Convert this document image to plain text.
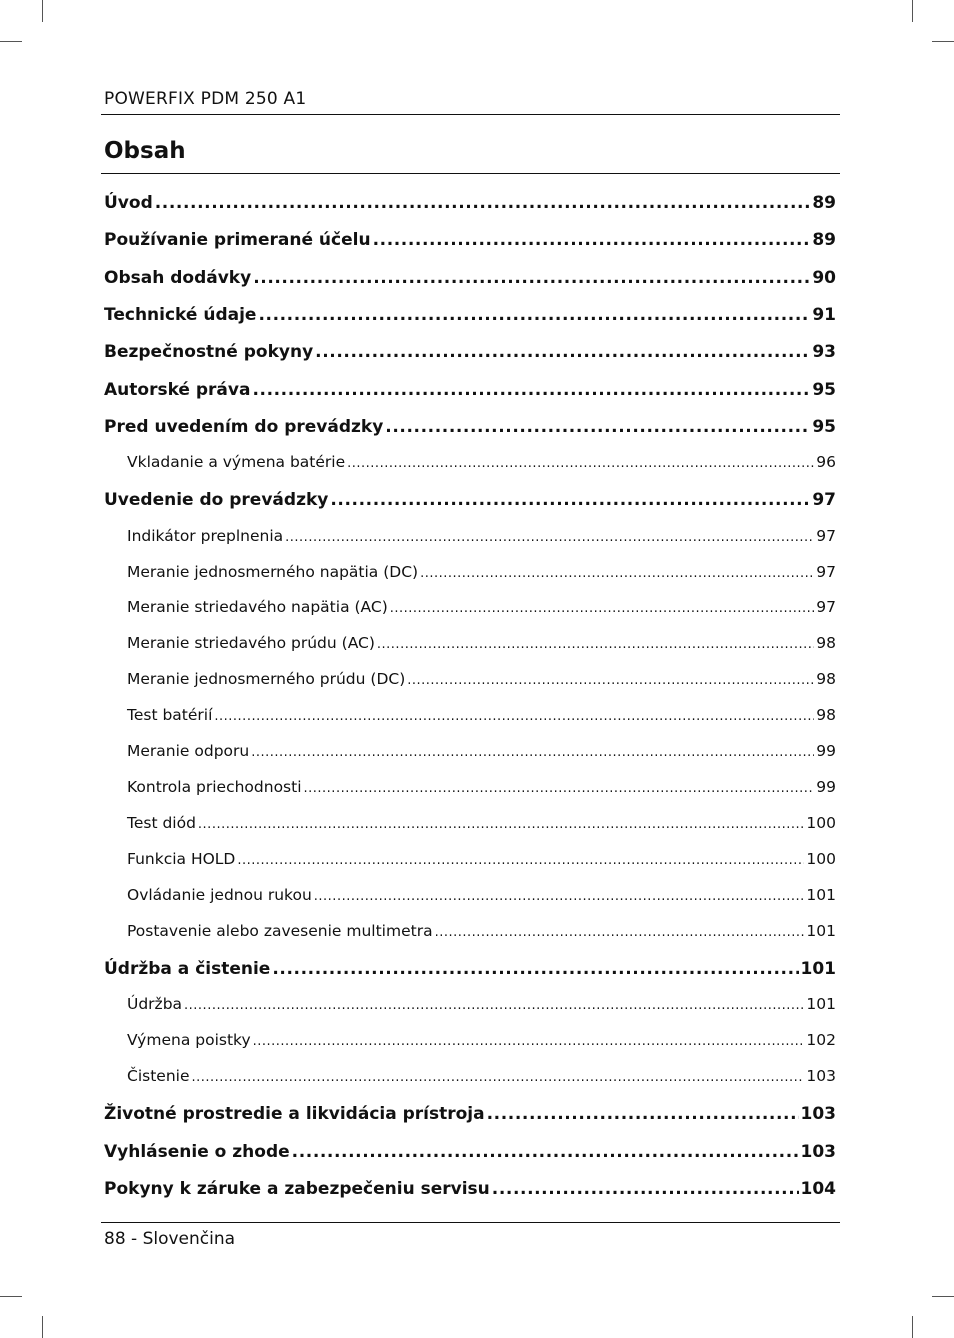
POWERFIX PDM 250 A1
Obsah
Úvod .....	89
Používanie primerané účelu .....	89
Obsah dodávky .....	90
Technické údaje .....	91
Bezpečnostné pokyny .....	93
Autorské práva .....	95
Pred uvedením do prevádzky .....	95
Vkladanie a výmena batérie .....	96
Uvedenie do prevádzky .....	97
Indikátor preplnenia .....	97
Meranie jednosmerného napätia (DC) .....	97
Meranie striedavého napätia (AC) .....	97
Meranie striedavého prúdu (AC) .....	98
Meranie jednosmerného prúdu (DC) .....	98
Test batérií .....	98
Meranie odporu .....	99
Kontrola priechodnosti .....	99
Test diód .....	100
Funkcia HOLD .....	100
Ovládanie jednou rukou .....	101
Postavenie alebo zavesenie multimetra .....	101
Údržba a čistenie .....	101
Údržba .....	101
Výmena poistky .....	102
Čistenie .....	103
Životné prostredie a likvidácia prístroja .....	103
Vyhlásenie o zhode .....	103
Pokyny k záruke a zabezpečeniu servisu .....	104
88 - Slovenčina
